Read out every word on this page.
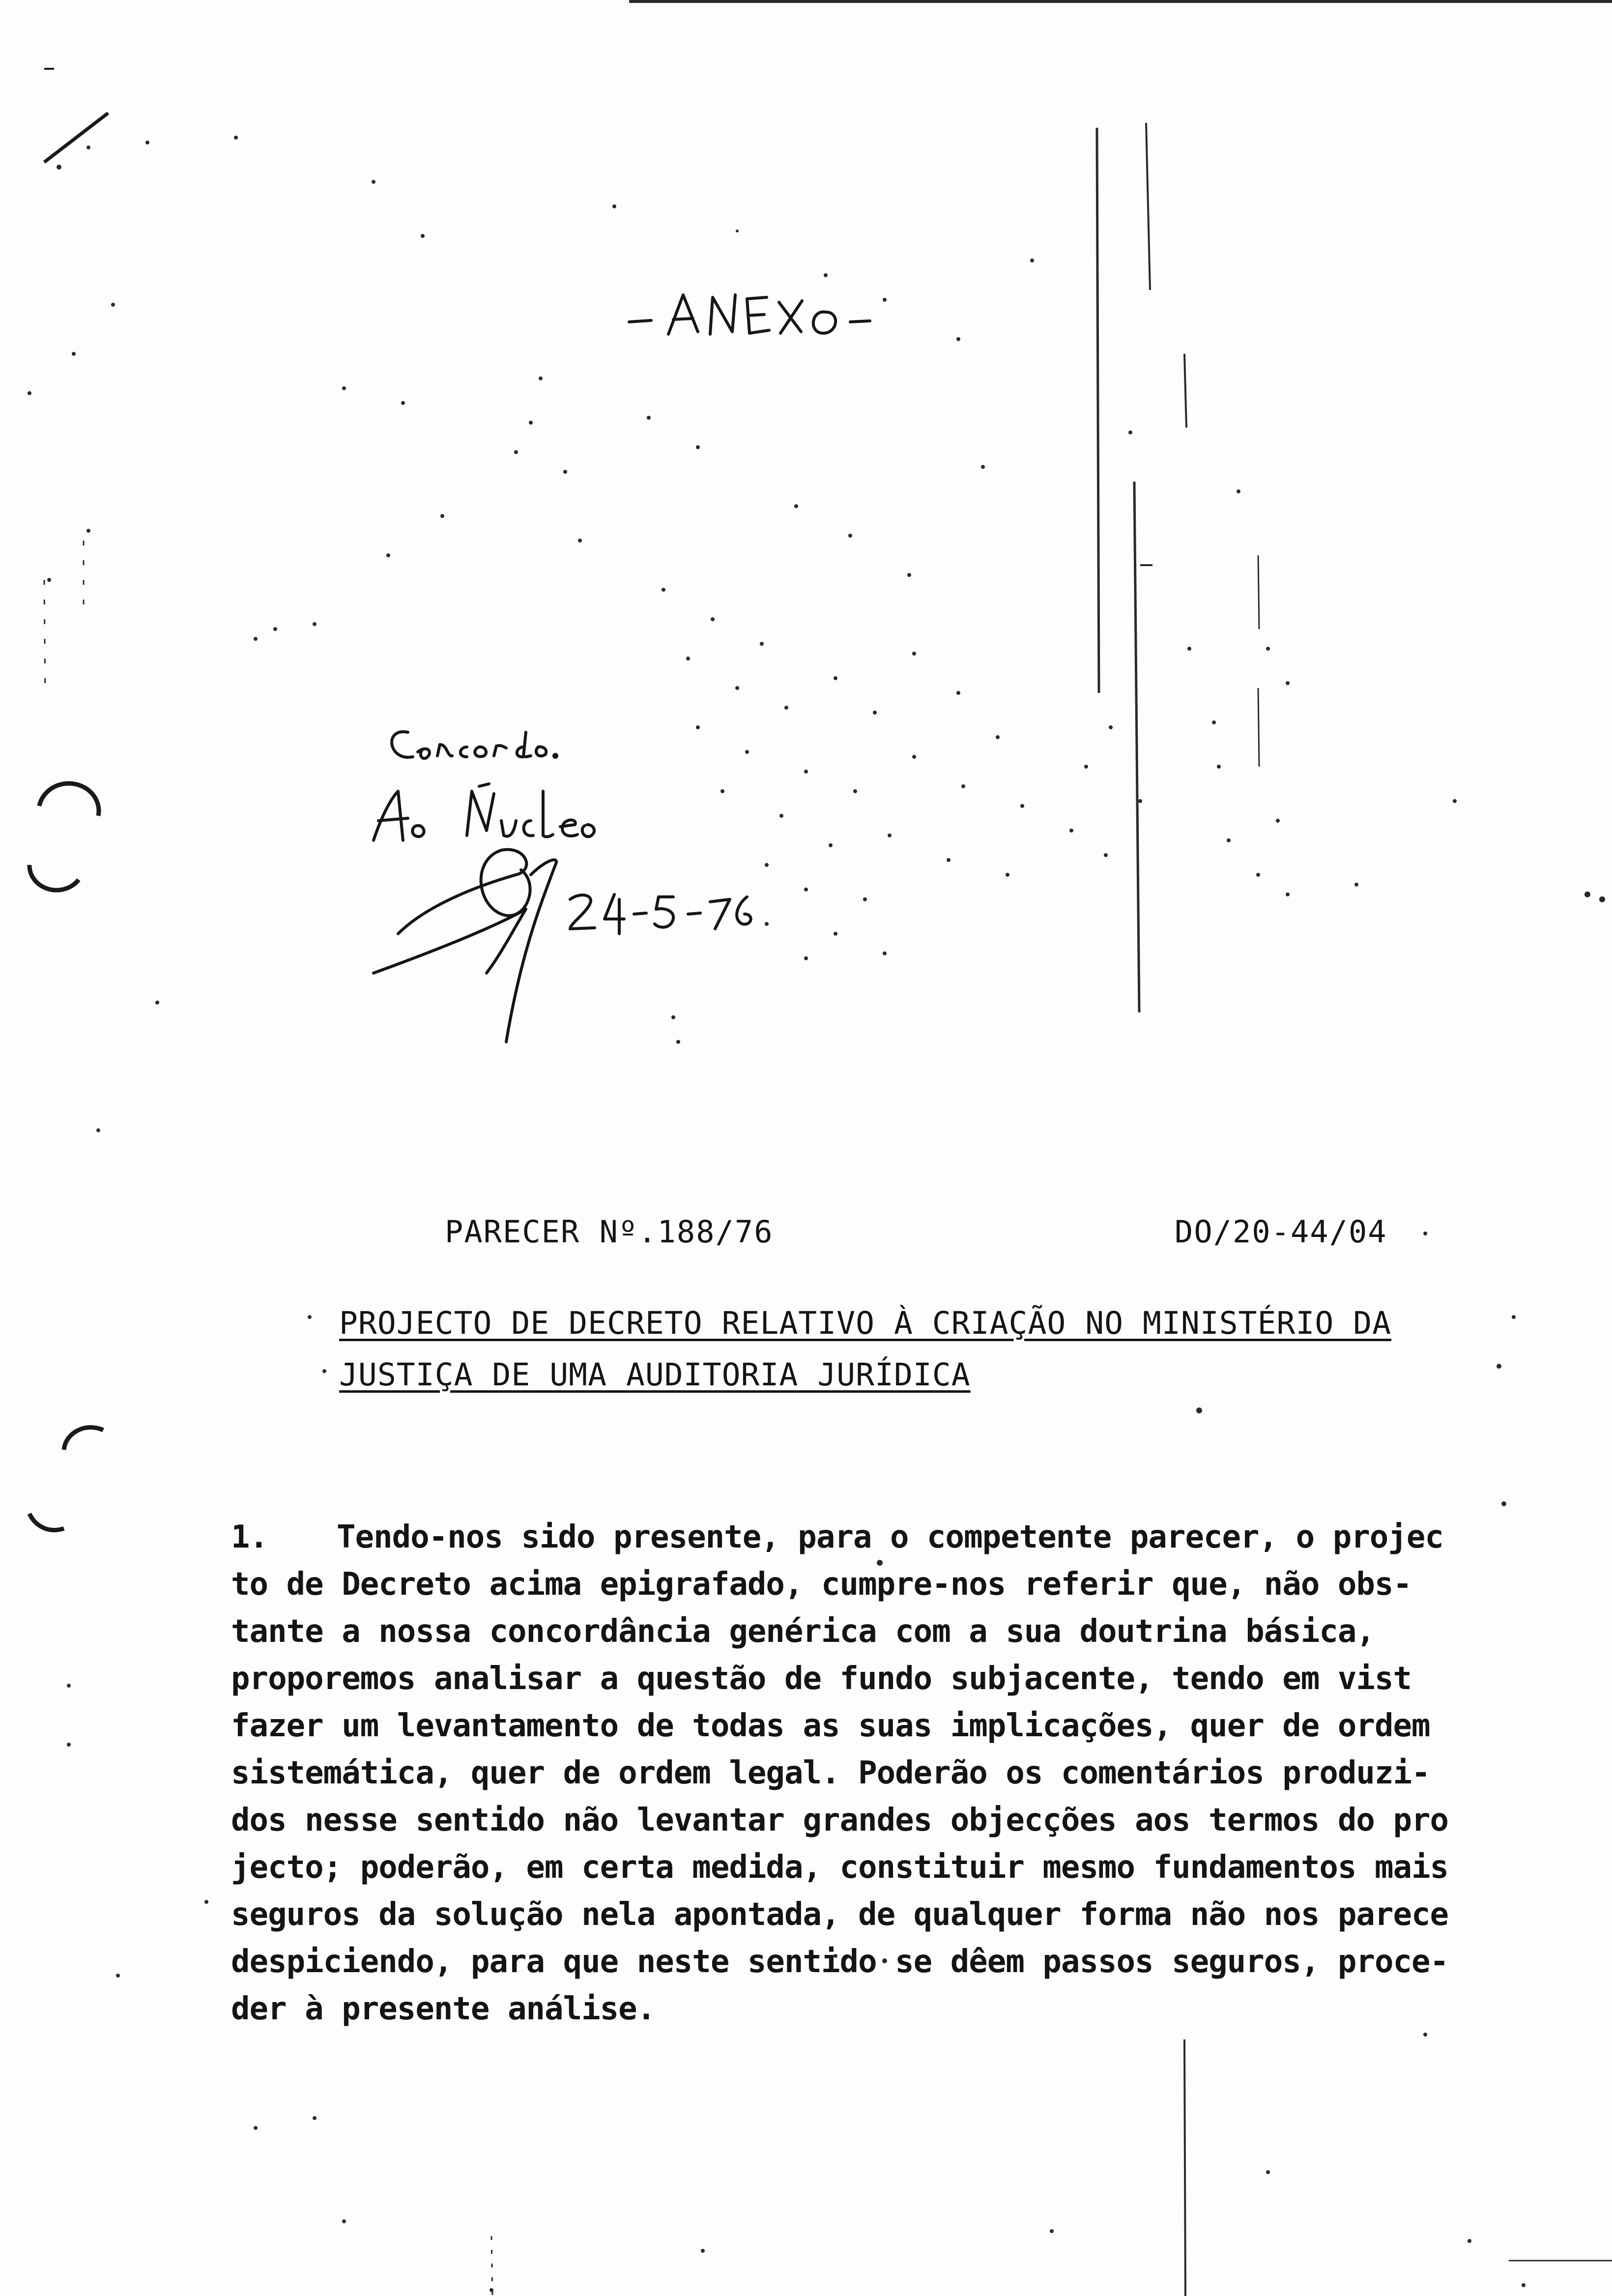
PARECER Nº.188/76	DO/20-44/04
PROJECTO DE DECRETO RELATIVO À CRIAÇÃO NO MINISTÉRIO DA
JUSTIÇA DE UMA AUDITORIA JURÍDICA
1. Tendo-nos sido presente, para o competente parecer, o projec
to de Decreto acima epigrafado, cumpre-nos referir que, não obs-
tante a nossa concordância genérica com a sua doutrina básica,
proporemos analisar a questão de fundo subjacente, tendo em vist
fazer um levantamento de todas as suas implicações, quer de ordem
sistemática, quer de ordem legal. Poderão os comentários produzi-
dos nesse sentido não levantar grandes objecções aos termos do pro
jecto; poderão, em certa medida, constituir mesmo fundamentos mais
seguros da solução nela apontada, de qualquer forma não nos parece
despiciendo, para que neste sentido se dêem passos seguros, proce-
der à presente análise.
